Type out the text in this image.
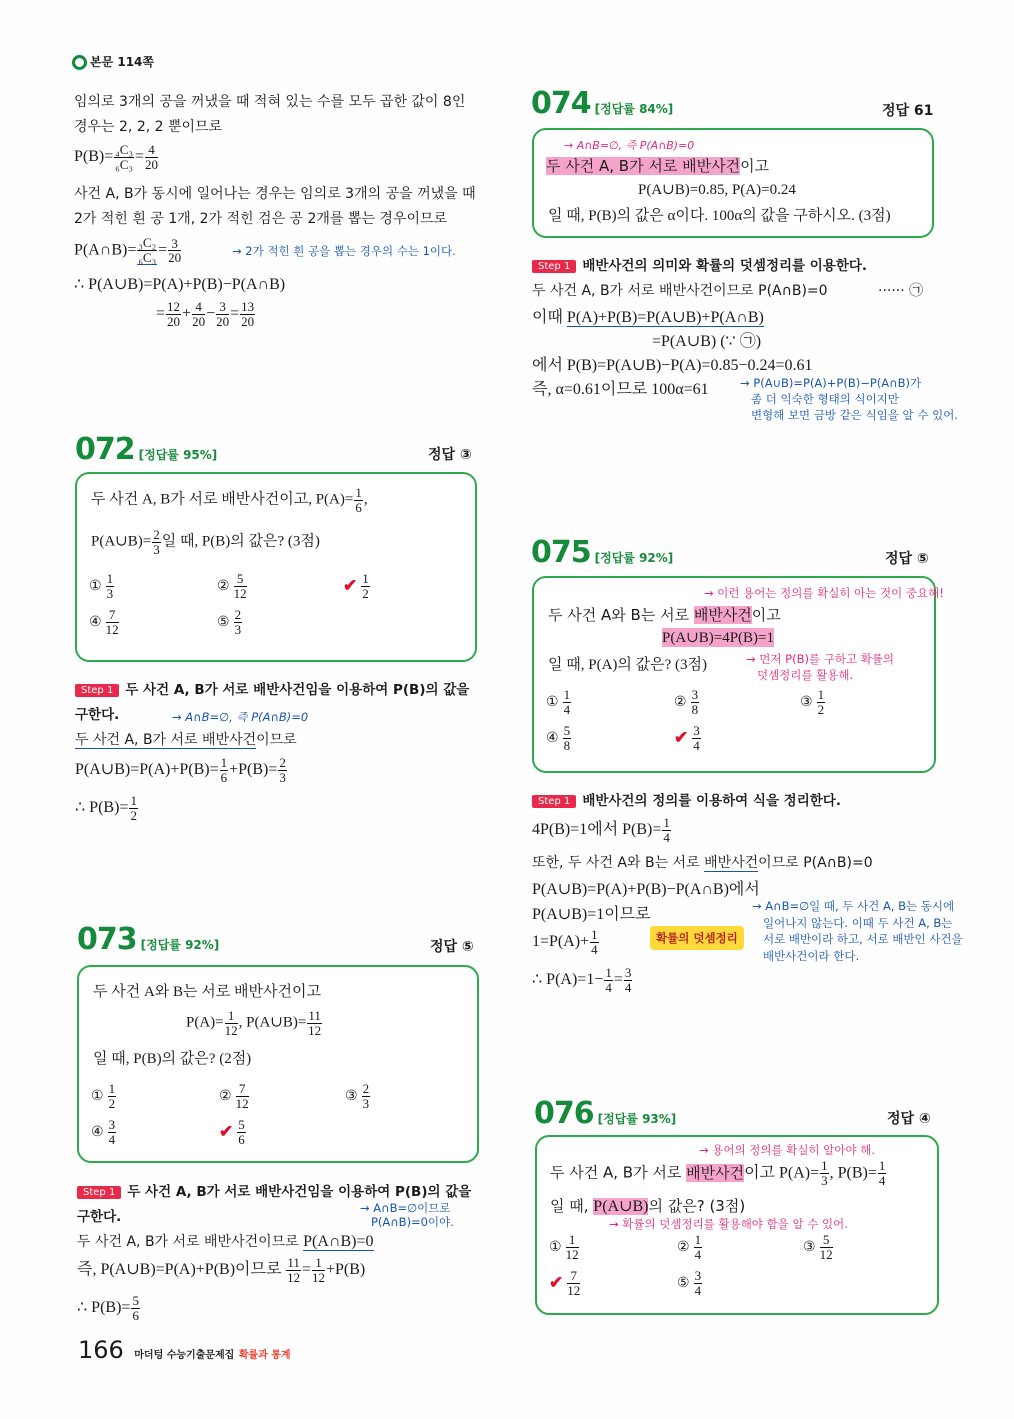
본문 114쪽
임의로 3개의 공을 꺼냈을 때 적혀 있는 수를 모두 곱한 값이 8인
경우는 2, 2, 2 뿐이므로
$P(B)= \frac{\text{₄C₃}}{\text{₆C₃}} = \frac{4}{20}$
사건 A, B가 동시에 일어나는 경우는 임의로 3개의 공을 꺼냈을 때
2가 적힌 흰 공 1개, 2가 적힌 검은 공 2개를 뽑는 경우이므로
P(A∩B)= $\frac{\text{₃C₂}}{\text{₆C₃}} = \frac{3}{20}$	→ 2가 적힌 흰 공을 뽑는 경우의 수는 1이다.
∴ P(A∪B)=P(A)+P(B)−P(A∩B)
= $\frac{12}{20} + \frac{4}{20} - \frac{3}{20} = \frac{13}{20}$
072 [정답률 95%]	정답 ③
두 사건 A, B가 서로 배반사건이고, $P(A)= \frac{1}{6}$ ,
P(A∪B)= $\frac{2}{3}$ 일 때, P(B)의 값은? (3점)
① $\frac{1}{3}$	② $\frac{5}{12}$	✔ $\frac{1}{2}$
④ $\frac{7}{12}$	⑤ $\frac{2}{3}$
Step 1 두 사건 A, B가 서로 배반사건임을 이용하여 P(B)의 값을
구한다.	→ A∩B=∅, 즉 P(A∩B)=0
두 사건 A, B가 서로 배반사건이므로
P(A∪B)=P(A)+P(B)= $\frac{1}{6} +P(B)= \frac{2}{3}$
∴ $P(B)= \frac{1}{2}$
073 [정답률 92%]	정답 ⑤
두 사건 A와 B는 서로 배반사건이고
$P(A)= \frac{1}{12}$ , P(A∪B)= $\frac{11}{12}$
일 때, P(B)의 값은? (2점)
① $\frac{1}{2}$	② $\frac{7}{12}$	③ $\frac{2}{3}$
④ $\frac{3}{4}$	✔ $\frac{5}{6}$
Step 1 두 사건 A, B가 서로 배반사건임을 이용하여 P(B)의 값을
구한다.
→ A∩B=∅이므로
P(A∩B)=0이야.
두 사건 A, B가 서로 배반사건이므로 P(A∩B)=0
즉, P(A∪B)=P(A)+P(B)이므로 $\frac{11}{12} = \frac{1}{12} +P(B)$
∴ $P(B)= \frac{5}{6}$
166 마더텅 수능기출문제집 확률과 통계
074 [정답률 84%]	정답 61
→ A∩B=∅, 즉 P(A∩B)=0
두 사건 A, B가 서로 배반사건이고
P(A∪B)=0.85, P(A)=0.24
일 때, P(B)의 값은 α이다. 100α의 값을 구하시오. (3점)
Step 1 배반사건의 의미와 확률의 덧셈정리를 이용한다.
두 사건 A, B가 서로 배반사건이므로 P(A∩B)=0	······ ㉠
이때 P(A)+P(B)=P(A∪B)+P(A∩B)
=P(A∪B) (∵ ㉠)
에서 P(B)=P(A∪B)−P(A)=0.85−0.24=0.61
즉, α=0.61이므로 100α=61	→ P(A∪B)=P(A)+P(B)−P(A∩B)가
좀 더 익숙한 형태의 식이지만
변형해 보면 금방 같은 식임을 알 수 있어.
075 [정답률 92%]	정답 ⑤
→ 이런 용어는 정의를 확실히 아는 것이 중요해!
두 사건 A와 B는 서로 배반사건이고
P(A∪B)=4P(B)=1
일 때, P(A)의 값은? (3점)	→ 먼저 P(B)를 구하고 확률의
덧셈정리를 활용해.
① $\frac{1}{4}$	② $\frac{3}{8}$	③ $\frac{1}{2}$
④ $\frac{5}{8}$	✔ $\frac{3}{4}$
Step 1 배반사건의 정의를 이용하여 식을 정리한다.
4P(B)=1에서 $P(B)= \frac{1}{4}$
또한, 두 사건 A와 B는 서로 배반사건이므로 P(A∩B)=0
P(A∪B)=P(A)+P(B)−P(A∩B)에서
P(A∪B)=1이므로
확률의 덧셈정리
$1=P(A)+ \frac{1}{4}$
∴ $P(A)=1- \frac{1}{4} = \frac{3}{4}$
→ A∩B=∅일 때, 두 사건 A, B는 동시에
일어나지 않는다. 이때 두 사건 A, B는
서로 배반이라 하고, 서로 배반인 사건을
배반사건이라 한다.
076 [정답률 93%]	정답 ④
→ 용어의 정의를 확실히 알아야 해.
두 사건 A, B가 서로 배반사건이고 $P(A)= \frac{1}{3}$ , $P(B)= \frac{1}{4}$
일 때, P(A∪B)의 값은? (3점)
→ 확률의 덧셈정리를 활용해야 함을 알 수 있어.
① $\frac{1}{12}$	② $\frac{1}{4}$	③ $\frac{5}{12}$
✔ $\frac{7}{12}$	⑤ $\frac{3}{4}$
